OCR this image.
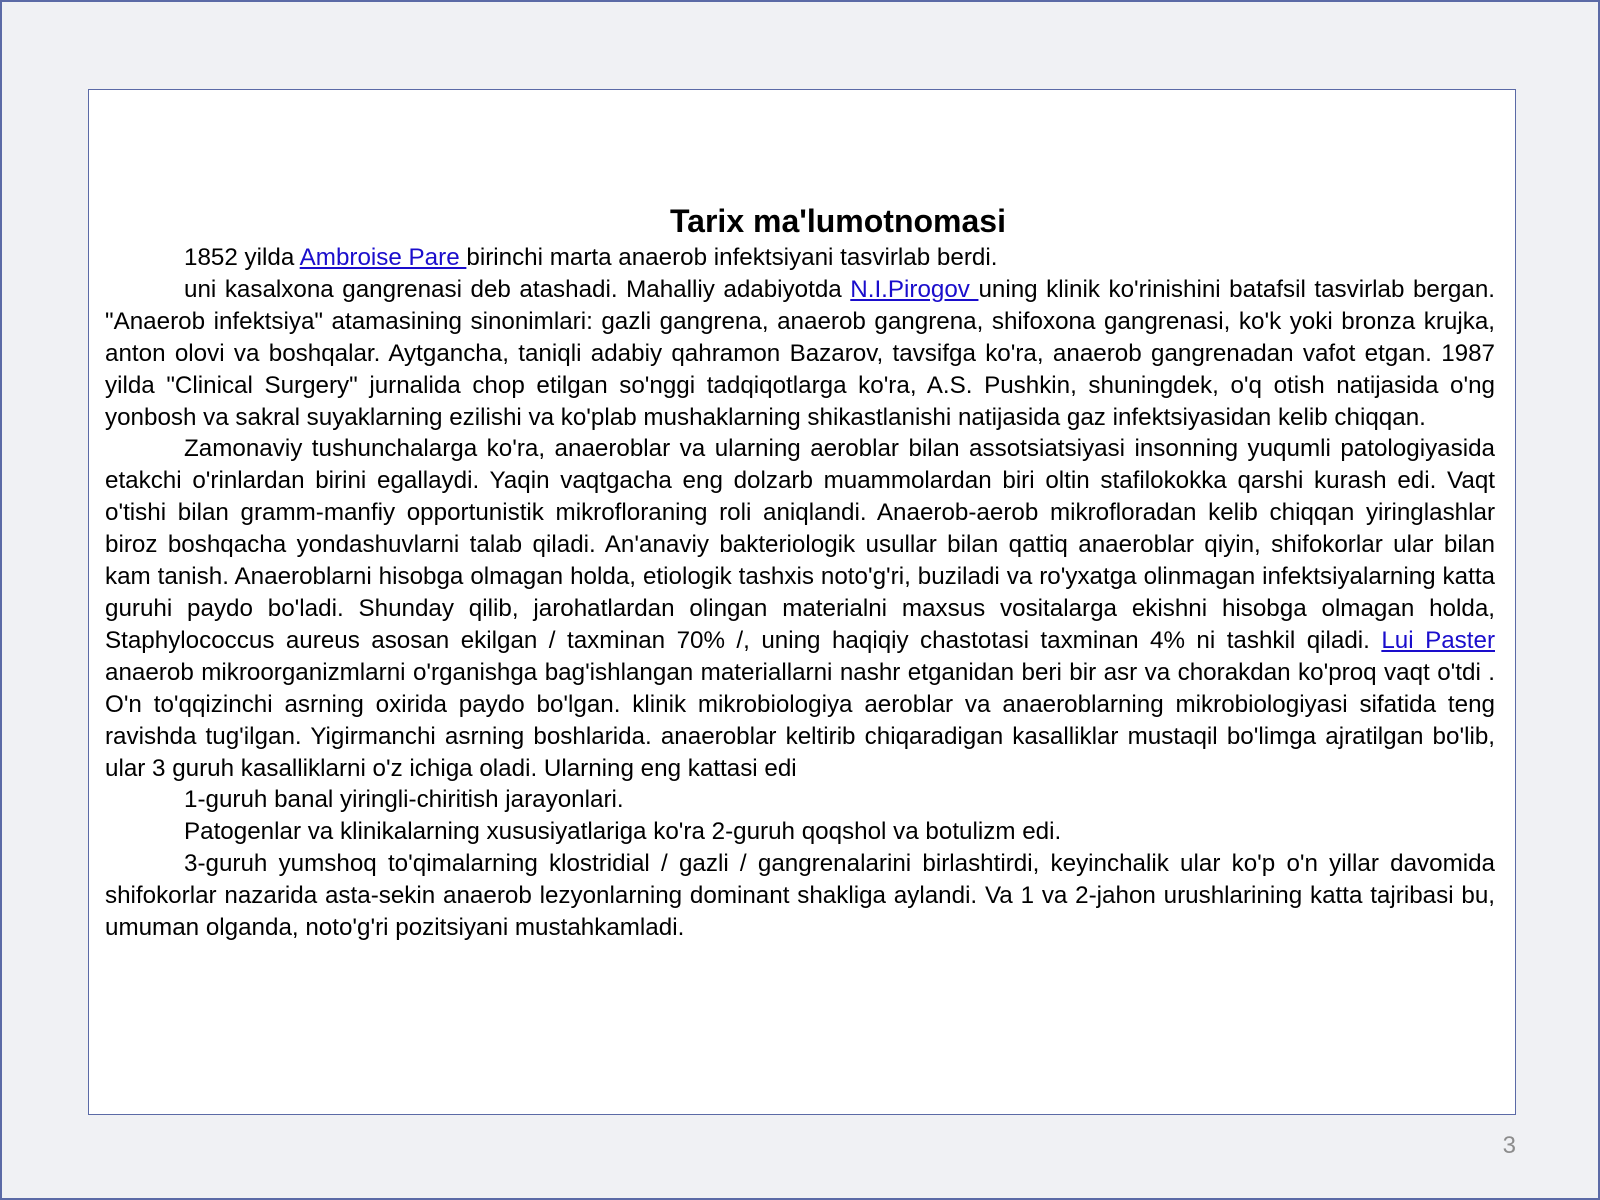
Tarix ma'lumotnomasi

1852 yilda Ambroise Pare birinchi marta anaerob infektsiyani tasvirlab berdi.

uni kasalxona gangrenasi deb atashadi. Mahalliy adabiyotda N.I.Pirogov uning klinik ko'rinishini batafsil tasvirlab bergan. "Anaerob infektsiya" atamasining sinonimlari: gazli gangrena, anaerob gangrena, shifoxona gangrenasi, ko'k yoki bronza krujka, anton olovi va boshqalar. Aytgancha, taniqli adabiy qahramon Bazarov, tavsifga ko'ra, anaerob gangrenadan vafot etgan. 1987 yilda "Clinical Surgery" jurnalida chop etilgan so'nggi tadqiqotlarga ko'ra, A.S. Pushkin, shuningdek, o'q otish natijasida o'ng yonbosh va sakral suyaklarning ezilishi va ko'plab mushaklarning shikastlanishi natijasida gaz infektsiyasidan kelib chiqqan.

Zamonaviy tushunchalarga ko'ra, anaeroblar va ularning aeroblar bilan assotsiatsiyasi insonning yuqumli patologiyasida etakchi o'rinlardan birini egallaydi. Yaqin vaqtgacha eng dolzarb muammolardan biri oltin stafilokokka qarshi kurash edi. Vaqt o'tishi bilan gramm-manfiy opportunistik mikrofloraning roli aniqlandi. Anaerob-aerob mikrofloradan kelib chiqqan yiringlashlar biroz boshqacha yondashuvlarni talab qiladi. An'anaviy bakteriologik usullar bilan qattiq anaeroblar qiyin, shifokorlar ular bilan kam tanish. Anaeroblarni hisobga olmagan holda, etiologik tashxis noto'g'ri, buziladi va ro'yxatga olinmagan infektsiyalarning katta guruhi paydo bo'ladi. Shunday qilib, jarohatlardan olingan materialni maxsus vositalarga ekishni hisobga olmagan holda, Staphylococcus aureus asosan ekilgan / taxminan 70% /, uning haqiqiy chastotasi taxminan 4% ni tashkil qiladi. Lui Paster anaerob mikroorganizmlarni o'rganishga bag'ishlangan materiallarni nashr etganidan beri bir asr va chorakdan ko'proq vaqt o'tdi . O'n to'qqizinchi asrning oxirida paydo bo'lgan. klinik mikrobiologiya aeroblar va anaeroblarning mikrobiologiyasi sifatida teng ravishda tug'ilgan. Yigirmanchi asrning boshlarida. anaeroblar keltirib chiqaradigan kasalliklar mustaqil bo'limga ajratilgan bo'lib, ular 3 guruh kasalliklarni o'z ichiga oladi. Ularning eng kattasi edi

1-guruh banal yiringli-chiritish jarayonlari.

Patogenlar va klinikalarning xususiyatlariga ko'ra 2-guruh qoqshol va botulizm edi.

3-guruh yumshoq to'qimalarning klostridial / gazli / gangrenalarini birlashtirdi, keyinchalik ular ko'p o'n yillar davomida shifokorlar nazarida asta-sekin anaerob lezyonlarning dominant shakliga aylandi. Va 1 va 2-jahon urushlarining katta tajribasi bu, umuman olganda, noto'g'ri pozitsiyani mustahkamladi.

3
